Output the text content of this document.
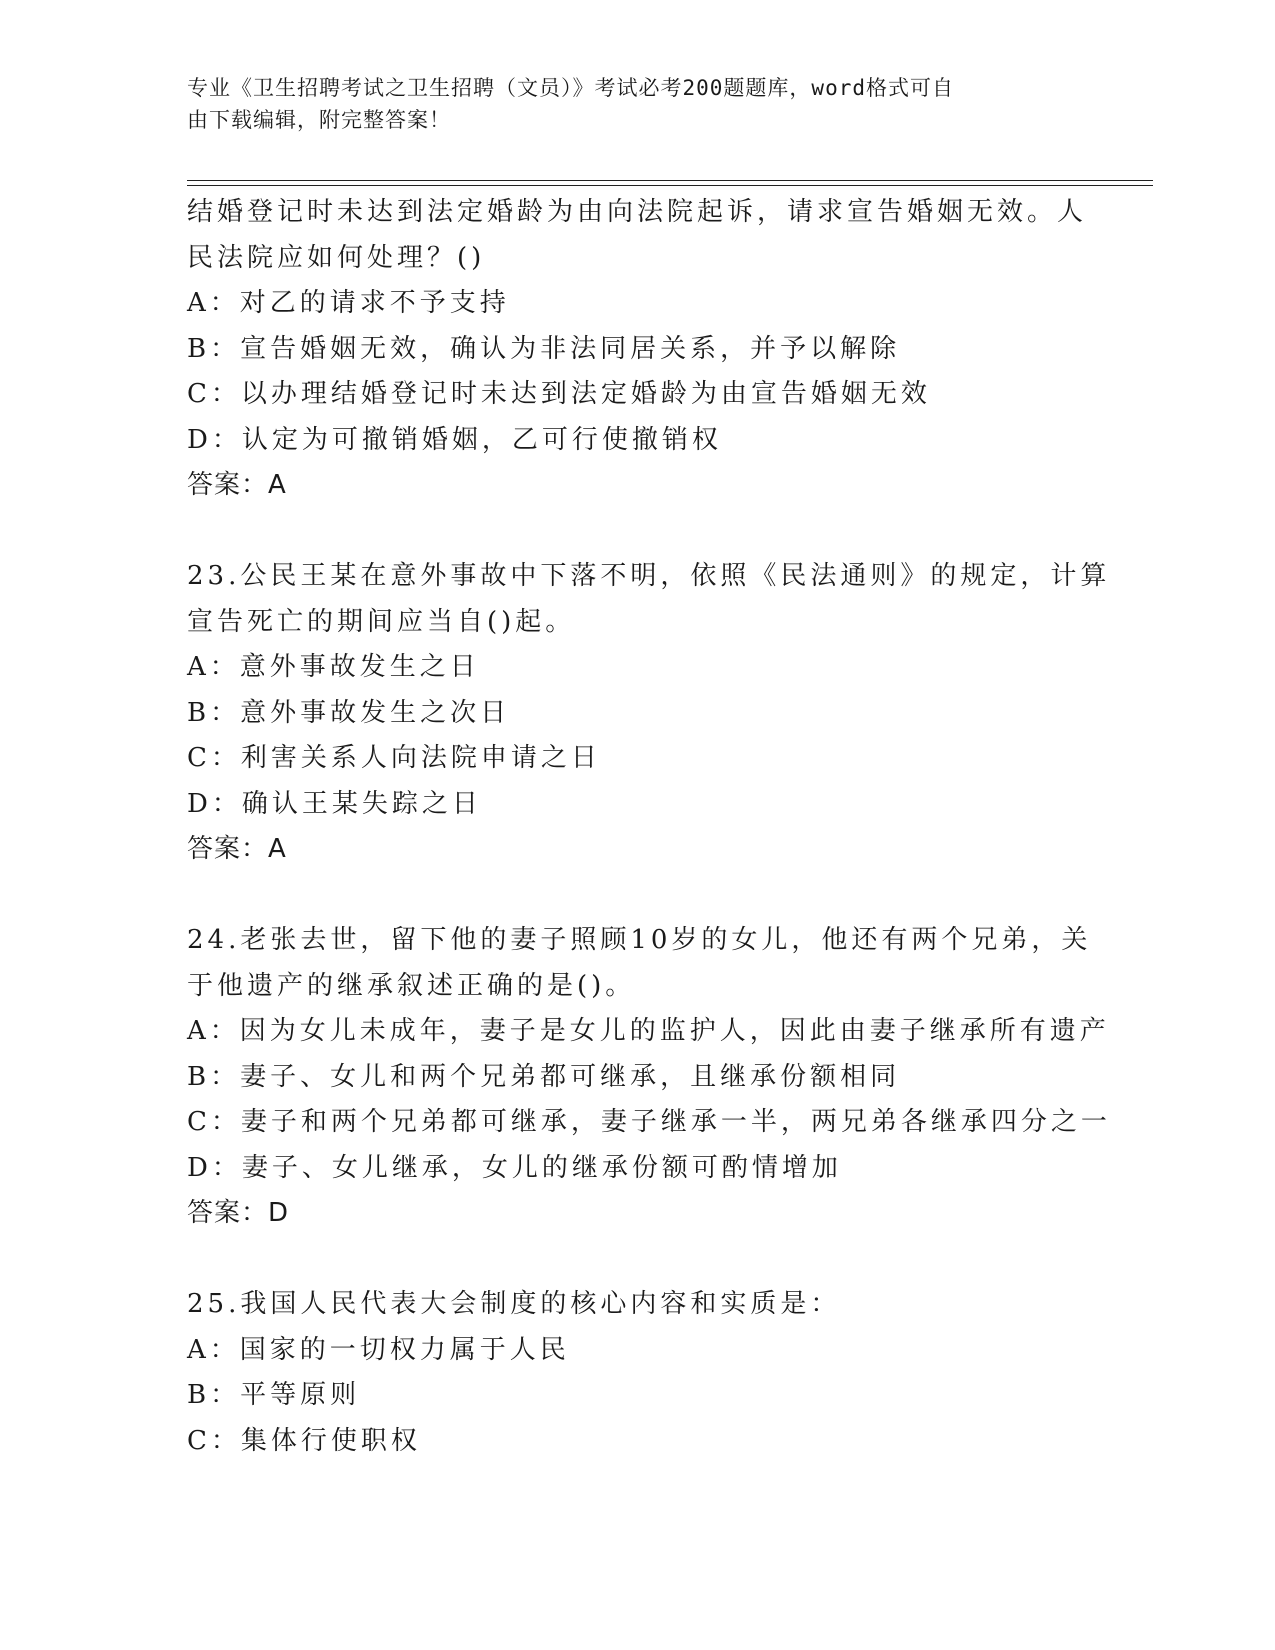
专业《卫生招聘考试之卫生招聘（文员）》考试必考200题题库，word格式可自
由下载编辑，附完整答案！
结婚登记时未达到法定婚龄为由向法院起诉，请求宣告婚姻无效。人
民法院应如何处理？()
A：对乙的请求不予支持
B：宣告婚姻无效，确认为非法同居关系，并予以解除
C：以办理结婚登记时未达到法定婚龄为由宣告婚姻无效
D：认定为可撤销婚姻，乙可行使撤销权
答案：A
23.公民王某在意外事故中下落不明，依照《民法通则》的规定，计算
宣告死亡的期间应当自()起。
A：意外事故发生之日
B：意外事故发生之次日
C：利害关系人向法院申请之日
D：确认王某失踪之日
答案：A
24.老张去世，留下他的妻子照顾10岁的女儿，他还有两个兄弟，关
于他遗产的继承叙述正确的是()。
A：因为女儿未成年，妻子是女儿的监护人，因此由妻子继承所有遗产
B：妻子、女儿和两个兄弟都可继承，且继承份额相同
C：妻子和两个兄弟都可继承，妻子继承一半，两兄弟各继承四分之一
D：妻子、女儿继承，女儿的继承份额可酌情增加
答案：D
25.我国人民代表大会制度的核心内容和实质是：
A：国家的一切权力属于人民
B：平等原则
C：集体行使职权
